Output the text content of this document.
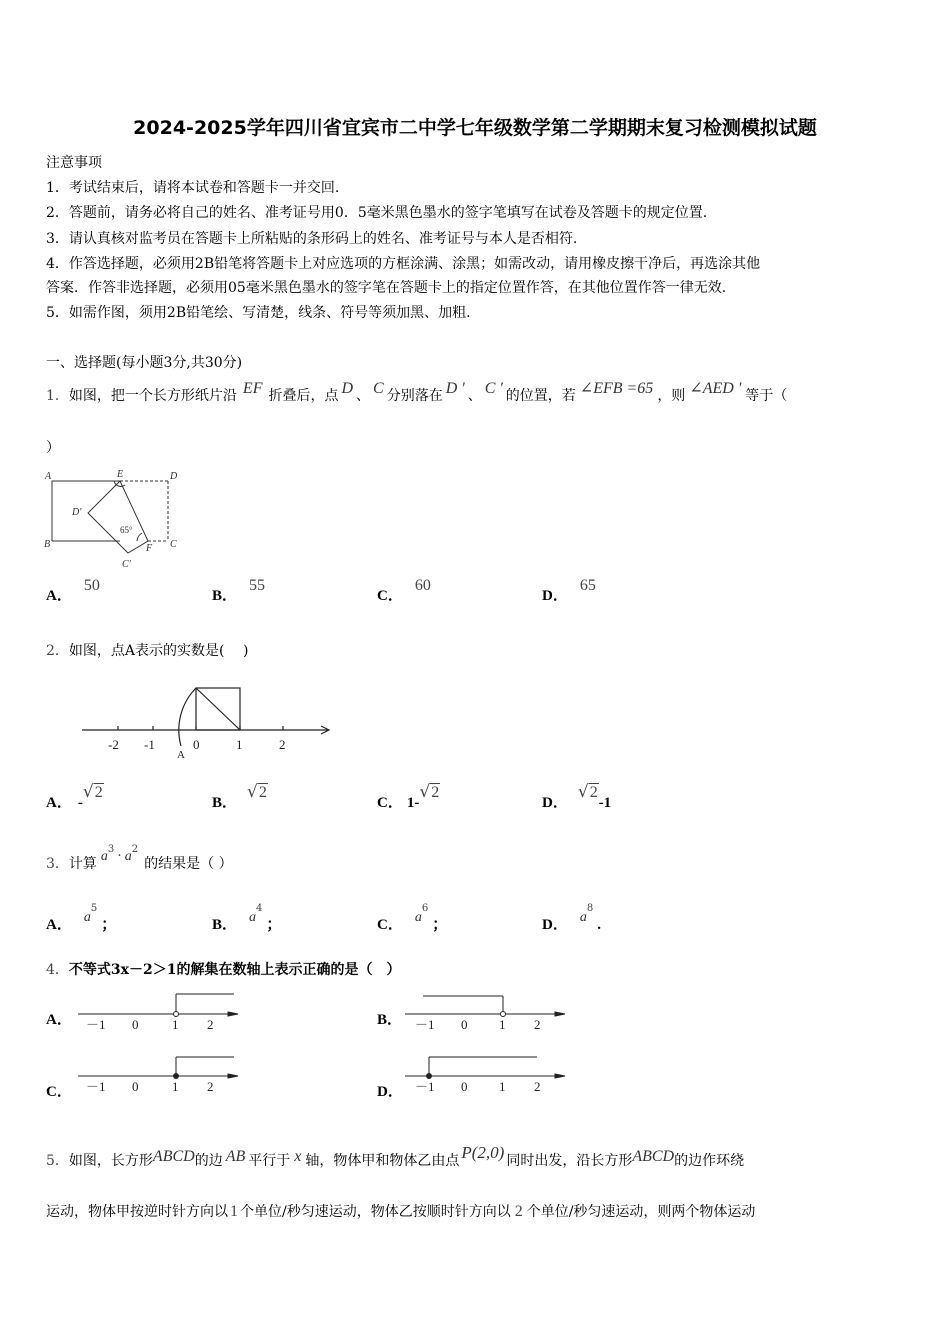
2024-2025学年四川省宜宾市二中学七年级数学第二学期期末复习检测模拟试题
注意事项
1．考试结束后，请将本试卷和答题卡一并交回.
2．答题前，请务必将自己的姓名、准考证号用0．5毫米黑色墨水的签字笔填写在试卷及答题卡的规定位置.
3．请认真核对监考员在答题卡上所粘贴的条形码上的姓名、准考证号与本人是否相符.
4．作答选择题，必须用2B铅笔将答题卡上对应选项的方框涂满、涂黑；如需改动，请用橡皮擦干净后，再选涂其他
答案．作答非选择题，必须用05毫米黑色墨水的签字笔在答题卡上的指定位置作答，在其他位置作答一律无效.
5．如需作图，须用2B铅笔绘、写清楚，线条、符号等须加黑、加粗.
一、选择题(每小题3分,共30分)
1．如图，把一个长方形纸片沿 EF 折叠后，点 D 、 C 分别落在 D ' 、 C ' 的位置，若 ∠EFB =65 ，则 ∠AED ' 等于（
）
A	E	D
D′
B	F C
C′
65°
A．50
B．55
C．60
D．65
2．如图，点A表示的实数是(　 )
-2 -1	0	1	2
A
A． -√2
B．√2
C． 1-√2
D．√2-1
3．计算 $a^3 \cdot a^2$的结果是（ ）
A． $a^5$；	B． $a^4$；	C． $a^6$；	D． $a^8$.
4．不等式3x－2＞1的解集在数轴上表示正确的是（　）
A． －1 0	1 2	B． －1 0 1 2
C． －1 0	1 2	D． －1 0 1 2
5．如图，长方形ABCD的边 AB 平行于 x 轴，物体甲和物体乙由点 P(2,0) 同时出发，沿长方形ABCD的边作环绕
运动，物体甲按逆时针方向以 1 个单位/秒匀速运动，物体乙按顺时针方向以 2 个单位/秒匀速运动，则两个物体运动
